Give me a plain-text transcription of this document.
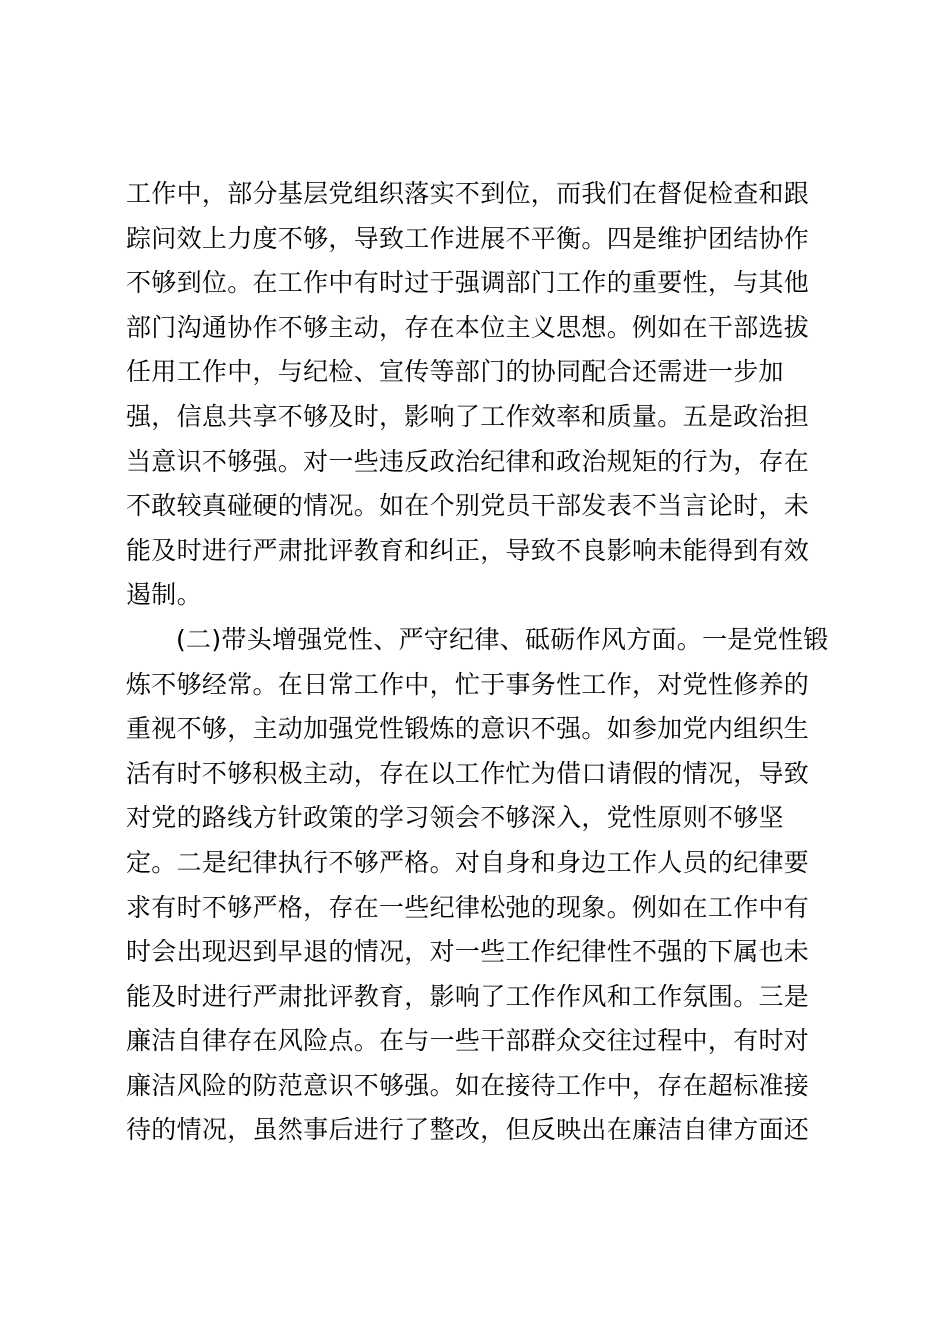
工作中，部分基层党组织落实不到位，而我们在督促检查和跟
踪问效上力度不够，导致工作进展不平衡。四是维护团结协作
不够到位。在工作中有时过于强调部门工作的重要性，与其他
部门沟通协作不够主动，存在本位主义思想。例如在干部选拔
任用工作中，与纪检、宣传等部门的协同配合还需进一步加
强，信息共享不够及时，影响了工作效率和质量。五是政治担
当意识不够强。对一些违反政治纪律和政治规矩的行为，存在
不敢较真碰硬的情况。如在个别党员干部发表不当言论时，未
能及时进行严肃批评教育和纠正，导致不良影响未能得到有效
遏制。
(二)带头增强党性、严守纪律、砥砺作风方面。一是党性锻
炼不够经常。在日常工作中，忙于事务性工作，对党性修养的
重视不够，主动加强党性锻炼的意识不强。如参加党内组织生
活有时不够积极主动，存在以工作忙为借口请假的情况，导致
对党的路线方针政策的学习领会不够深入，党性原则不够坚
定。二是纪律执行不够严格。对自身和身边工作人员的纪律要
求有时不够严格，存在一些纪律松弛的现象。例如在工作中有
时会出现迟到早退的情况，对一些工作纪律性不强的下属也未
能及时进行严肃批评教育，影响了工作作风和工作氛围。三是
廉洁自律存在风险点。在与一些干部群众交往过程中，有时对
廉洁风险的防范意识不够强。如在接待工作中，存在超标准接
待的情况，虽然事后进行了整改，但反映出在廉洁自律方面还
